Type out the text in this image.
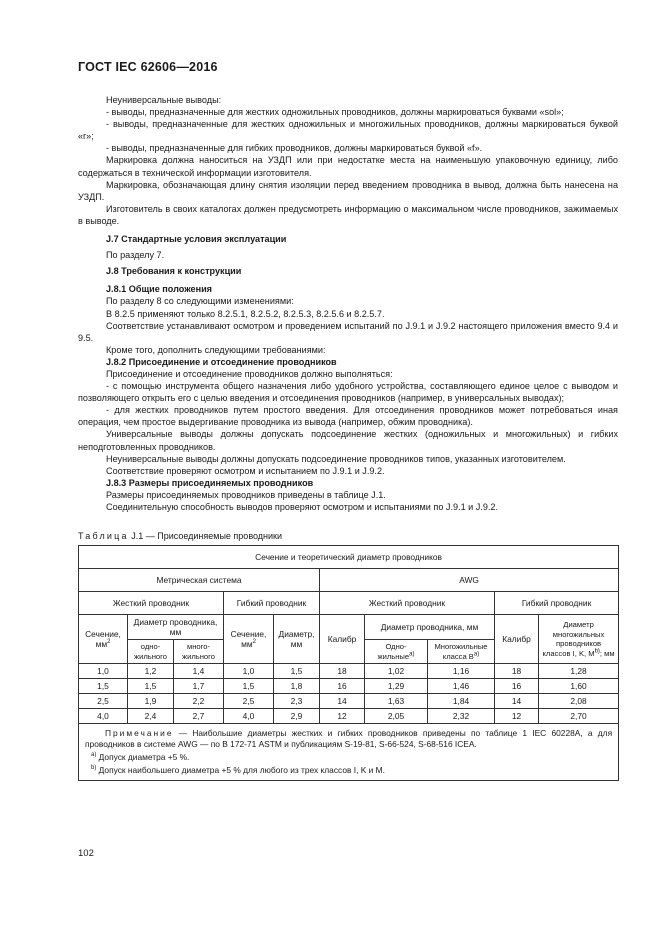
ГОСТ IEC 62606—2016

Неуниверсальные выводы:

- выводы, предназначенные для жестких одножильных проводников, должны маркироваться буквами «sol»;

- выводы, предназначенные для жестких одножильных и многожильных проводников, должны маркироваться буквой «r»;

- выводы, предназначенные для гибких проводников, должны маркироваться буквой «f».

Маркировка должна наноситься на УЗДП или при недостатке места на наименьшую упаковочную единицу, либо содержаться в технической информации изготовителя.

Маркировка, обозначающая длину снятия изоляции перед введением проводника в вывод, должна быть нанесена на УЗДП.

Изготовитель в своих каталогах должен предусмотреть информацию о максимальном числе проводников, зажимаемых в выводе.

J.7 Стандартные условия эксплуатации

По разделу 7.

J.8 Требования к конструкции
J.8.1 Общие положения

По разделу 8 со следующими изменениями:

В 8.2.5 применяют только 8.2.5.1, 8.2.5.2, 8.2.5.3, 8.2.5.6 и 8.2.5.7.

Соответствие устанавливают осмотром и проведением испытаний по J.9.1 и J.9.2 настоящего приложения вместо 9.4 и 9.5.

Кроме того, дополнить следующими требованиями:

J.8.2 Присоединение и отсоединение проводников

Присоединение и отсоединение проводников должно выполняться:

- с помощью инструмента общего назначения либо удобного устройства, составляющего единое целое с выводом и позволяющего открыть его с целью введения и отсоединения проводников (например, в универсальных выводах);

- для жестких проводников путем простого введения. Для отсоединения проводников может потребоваться иная операция, чем простое выдергивание проводника из вывода (например, обжим проводника).

Универсальные выводы должны допускать подсоединение жестких (одножильных и многожильных) и гибких неподготовленных проводников.

Неуниверсальные выводы должны допускать подсоединение проводников типов, указанных изготовителем.

Соответствие проверяют осмотром и испытанием по J.9.1 и J.9.2.

J.8.3 Размеры присоединяемых проводников

Размеры присоединяемых проводников приведены в таблице J.1.

Соединительную способность выводов проверяют осмотром и испытаниями по J.9.1 и J.9.2.

Таблица J.1 — Присоединяемые проводники
Сечение и теоретический диаметр проводников									
Метрическая система					AWG				
Жесткий проводник			Гибкий проводник		Жесткий проводник			Гибкий проводник	
Сечение, $мм^2$	Диаметр проводника, мм		Сечение, $мм^2$	Диаметр, мм	Калибр	Диаметр проводника, мм		Калибр	Диаметр многожильных проводников классов I, K, $M^{b)}$; мм
	одно-жильного	много-жильного				Одно-жильные$^{a)}$	Многожильные класса $B^{a)}$
1,0	1,2	1,4	1,0	1,5	18	1,02	1,16	18	1,28
1,5	1,5	1,7	1,5	1,8	16	1,29	1,46	16	1,60
2,5	1,9	2,2	2,5	2,3	14	1,63	1,84	14	2,08
4,0	2,4	2,7	4,0	2,9	12	2,05	2,32	12	2,70

Примечание — Наибольшие диаметры жестких и гибких проводников приведены по таблице 1 IEC 60228A, а для проводников в системе AWG — по В 172-71 ASTM и публикациям S-19-81, S-66-524, S-68-516 ICEA.
$^{a)}$ Допуск диаметра +5 %.
$^{b)}$ Допуск наибольшего диаметра +5 % для любого из трех классов I, K и M.									
102
